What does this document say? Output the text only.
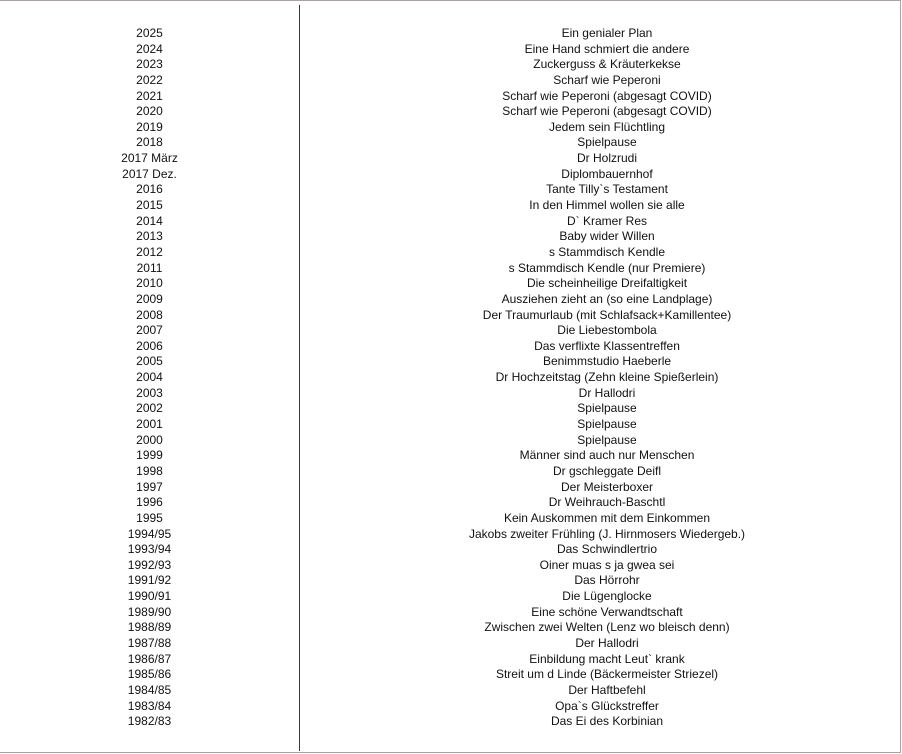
2025
2024
2023
2022
2021
2020
2019
2018
2017 März
2017 Dez.
2016
2015
2014
2013
2012
2011
2010
2009
2008
2007
2006
2005
2004
2003
2002
2001
2000
1999
1998
1997
1996
1995
1994/95
1993/94
1992/93
1991/92
1990/91
1989/90
1988/89
1987/88
1986/87
1985/86
1984/85
1983/84
1982/83
Ein genialer Plan
Eine Hand schmiert die andere
Zuckerguss & Kräuterkekse
Scharf wie Peperoni
Scharf wie Peperoni (abgesagt COVID)
Scharf wie Peperoni (abgesagt COVID)
Jedem sein Flüchtling
Spielpause
Dr Holzrudi
Diplombauernhof
Tante Tilly`s Testament
In den Himmel wollen sie alle
D` Kramer Res
Baby wider Willen
s Stammdisch Kendle
s Stammdisch Kendle (nur Premiere)
Die scheinheilige Dreifaltigkeit
Ausziehen zieht an (so eine Landplage)
Der Traumurlaub (mit Schlafsack+Kamillentee)
Die Liebestombola
Das verflixte Klassentreffen
Benimmstudio Haeberle
Dr Hochzeitstag (Zehn kleine Spießerlein)
Dr Hallodri
Spielpause
Spielpause
Spielpause
Männer sind auch nur Menschen
Dr gschleggate Deifl
Der Meisterboxer
Dr Weihrauch-Baschtl
Kein Auskommen mit dem Einkommen
Jakobs zweiter Frühling (J. Hirnmosers Wiedergeb.)
Das Schwindlertrio
Oiner muas s ja gwea sei
Das Hörrohr
Die Lügenglocke
Eine schöne Verwandtschaft
Zwischen zwei Welten (Lenz wo bleisch denn)
Der Hallodri
Einbildung macht Leut` krank
Streit um d Linde (Bäckermeister Striezel)
Der Haftbefehl
Opa`s Glückstreffer
Das Ei des Korbinian
